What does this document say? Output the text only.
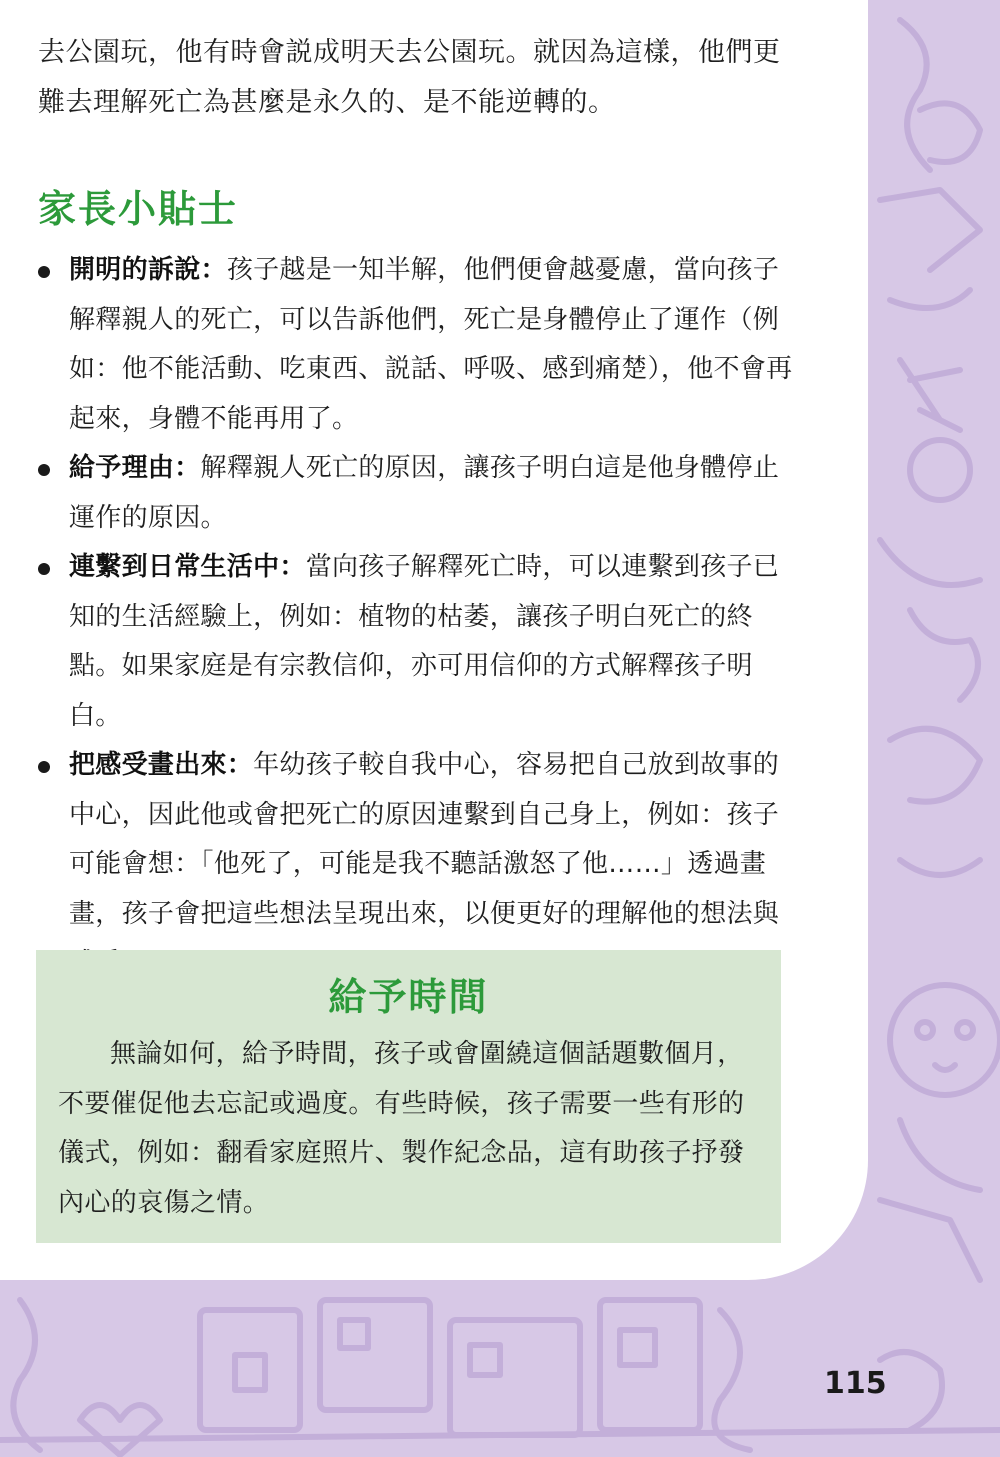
去公園玩，他有時會説成明天去公園玩。就因為這樣，他們更難去理解死亡為甚麼是永久的、是不能逆轉的。

家長小貼士
開明的訴說：孩子越是一知半解，他們便會越憂慮，當向孩子解釋親人的死亡，可以告訴他們，死亡是身體停止了運作（例如：他不能活動、吃東西、説話、呼吸、感到痛楚），他不會再起來，身體不能再用了。
給予理由：解釋親人死亡的原因，讓孩子明白這是他身體停止運作的原因。
連繫到日常生活中：當向孩子解釋死亡時，可以連繫到孩子已知的生活經驗上，例如：植物的枯萎，讓孩子明白死亡的終點。如果家庭是有宗教信仰，亦可用信仰的方式解釋孩子明白。
把感受畫出來：年幼孩子較自我中心，容易把自己放到故事的中心，因此他或會把死亡的原因連繫到自己身上，例如：孩子可能會想：「他死了，可能是我不聽話激怒了他……」透過畫畫，孩子會把這些想法呈現出來，以便更好的理解他的想法與
給予時間

無論如何，給予時間，孩子或會圍繞這個話題數個月，不要催促他去忘記或過度。有些時候，孩子需要一些有形的儀式，例如：翻看家庭照片、製作紀念品，這有助孩子抒發內心的哀傷之情。

115
